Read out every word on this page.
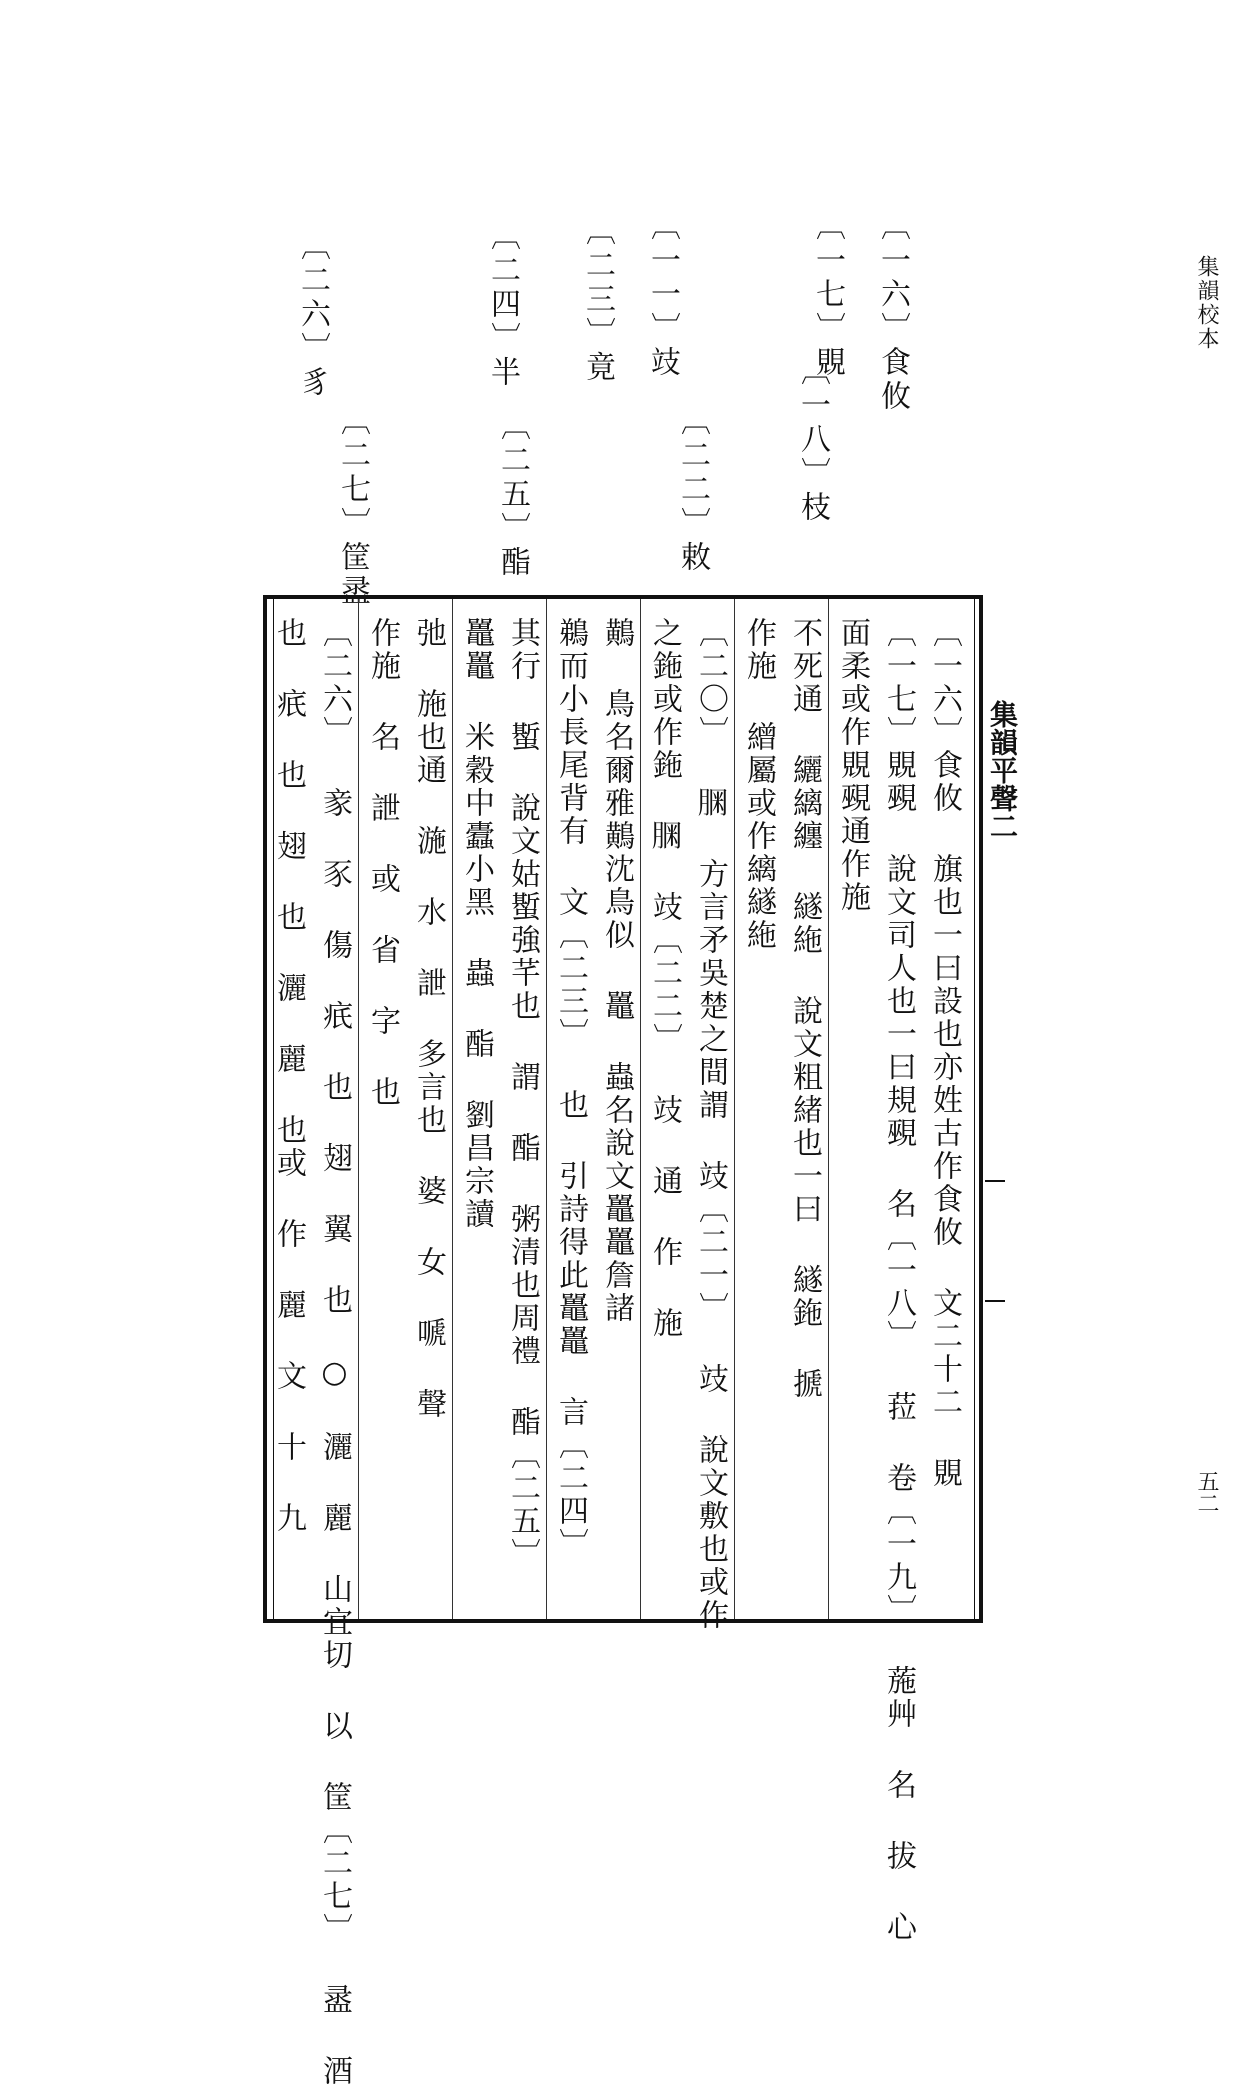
集韻校本
五二
〔一六〕食攸
〔一七〕覞
〔一八〕枝
〔一一〕攱
〔二二〕敕
〔二三〕竟
〔二四〕半
〔二五〕酯
〔二六〕豸
〔二七〕筐盝
〔一六〕食攸 旗也一曰設也亦姓古作食攸 文二十二 覞
〔一七〕覞覡 說文司人也一曰規覡 名〔一八〕 菈 卷〔一九〕 葹艸 名 拔 心
面柔或作覞覡通作施
不死通 纚縭纏 繸絁 說文粗緒也一曰 繸鉇 搋
作施 繒屬或作縭繸絁
〔二〇〕 𦝓 方言矛吳楚之間謂 攱〔二一〕 攱 說文敷也或作
之鉇或作鉇 𦝓 攱〔二二〕 攱 通 作 施
鷬 鳥名爾雅鷬沈鳥似 鼉 蟲名說文鼉鼉詹諸
鵜而小長尾背有 文〔二三〕 也 引詩得此鼉鼉 言〔二四〕
其行 蟴 說文姑蟴強芊也 謂 酯 粥清也周禮 酯〔二五〕
鼉鼉 米穀中蠹小黑 蟲 酯 劉昌宗讀
弛 施也通 湤 水 詍 多言也 婆 女 嗁 聲
作施 名 詍 或 省 字 也
〔二六〕 豙 豕 傷 疧 也 翅 翼 也 ○ 灑 麗 山宜切 以 筐〔二七〕 盝 酒
也 疧 也 翅 也 灑 麗 也或 作 麗 文 十 九	集韻平聲二
